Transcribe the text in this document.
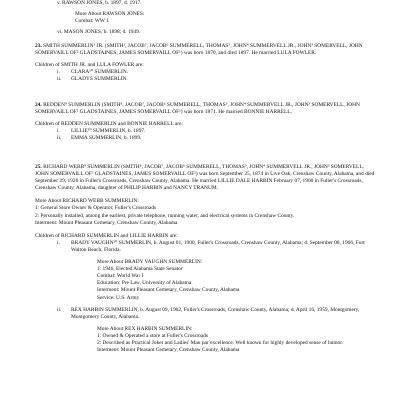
v. RAWSON JONES, b. 1897, d. 1917.

More About RAWSON JONES:

Combat: WW 1

vi. MASON JONES, b. 1898; d. 1949.

23. SMITH SUMMERLIN³ JR. (SMITH², JACOB⁷, JACOB⁶ SUMMERELL, THOMAS⁵, JOHN⁴ SUMMERVELL JR., JOHN³ SOMERVELL, JOHN SOMERVAILL OF² GLADSTAINES, JAMES SOMERVAILL OF¹) was born 1870, and died 1897. He married LULA FOWLER.

Children of SMITH JR. and LULA FOWLER are:

i.	CLARA¹⁰ SUMMERLIN.
ii.	GLADYS SUMMERLIN.

24. REDDEN⁹ SUMMERLIN (SMITH⁸, JACOB⁷, JACOB⁶ SUMMERELL, THOMAS⁵, JOHN⁴ SUMMERVELL JR., JOHN³ SOMERVELL, JOHN SOMERVAILL OF² GLADSTAINES, JAMES SOMERVAILL OF¹) was born 1871. He married BONNIE HARRELL.

Children of REDDEN SUMMERLIN and BONNIE HARRELL are:

i.	LILLIE¹⁰ SUMMERLIN, b. 1897.
ii.	EMMA SUMMERLIN, b. 1899.

25. RICHARD WEBB⁹ SUMMERLIN (SMITH⁸, JACOB⁷, JACOB⁶ SUMMERELL, THOMAS⁵, JOHN⁴ SUMMERVELL JR., JOHN³ SOMERVELL, JOHN SOMERVAILL OF² GLADSTAINES, JAMES SOMERVAILL OF¹) was born September 25, 1874 in Live Oak, Crenshaw County, Alabama, and died September 29, 1926 in Fuller's Crossroads, Crenshaw County, Alabama. He married LILLIE DALE HARBIN February 07, 1900 in Fuller's Crossroads, Crenshaw County, Alabama, daughter of PHILIP HARBIN and NANCY TRANUM.

More About RICHARD WEBB SUMMERLIN:

1: General Store Owner & Operator, Fuller's Crossroads

2: Personally installed, among the earliest, private telephone, running water, and electrical systems in Crenshaw County.

Interment: Mount Pleasant Cemetary, Crenshaw County, Alabama

Children of RICHARD SUMMERLIN and LILLIE HARBIN are:

i.	BRADY VAUGHN¹⁰ SUMMERLIN, b. August 01, 1900, Fuller's Crossroads, Crenshaw County, Alabama; d. September 08, 1966, Fort Walton Beach, Florida.

More About BRADY VAUGHN SUMMERLIN:

1: 1946, Elected Alabama State Senator

Combat: World War I

Education: Pre Law, University of Alabama

Interment: Mount Pleasant Cemetary, Crenshaw County, Alabama

Service: U.S. Army

ii.	REX HARBIN SUMMERLIN, b. August 09, 1902, Fuller's Crossroads, Crenshaw County, Alabama; d. April 16, 1959, Montgomery, Montgomery County, Alabama.

More About REX HARBIN SUMMERLIN:

1: Owned & Operated a store at Fuller's Crossroads

2: Described as Practical Joker and Ladies' Man par excellence. Well known for highly developed sense of humor.

Interment: Mount Pleasant Cemetary, Crenshaw County, Alabama
